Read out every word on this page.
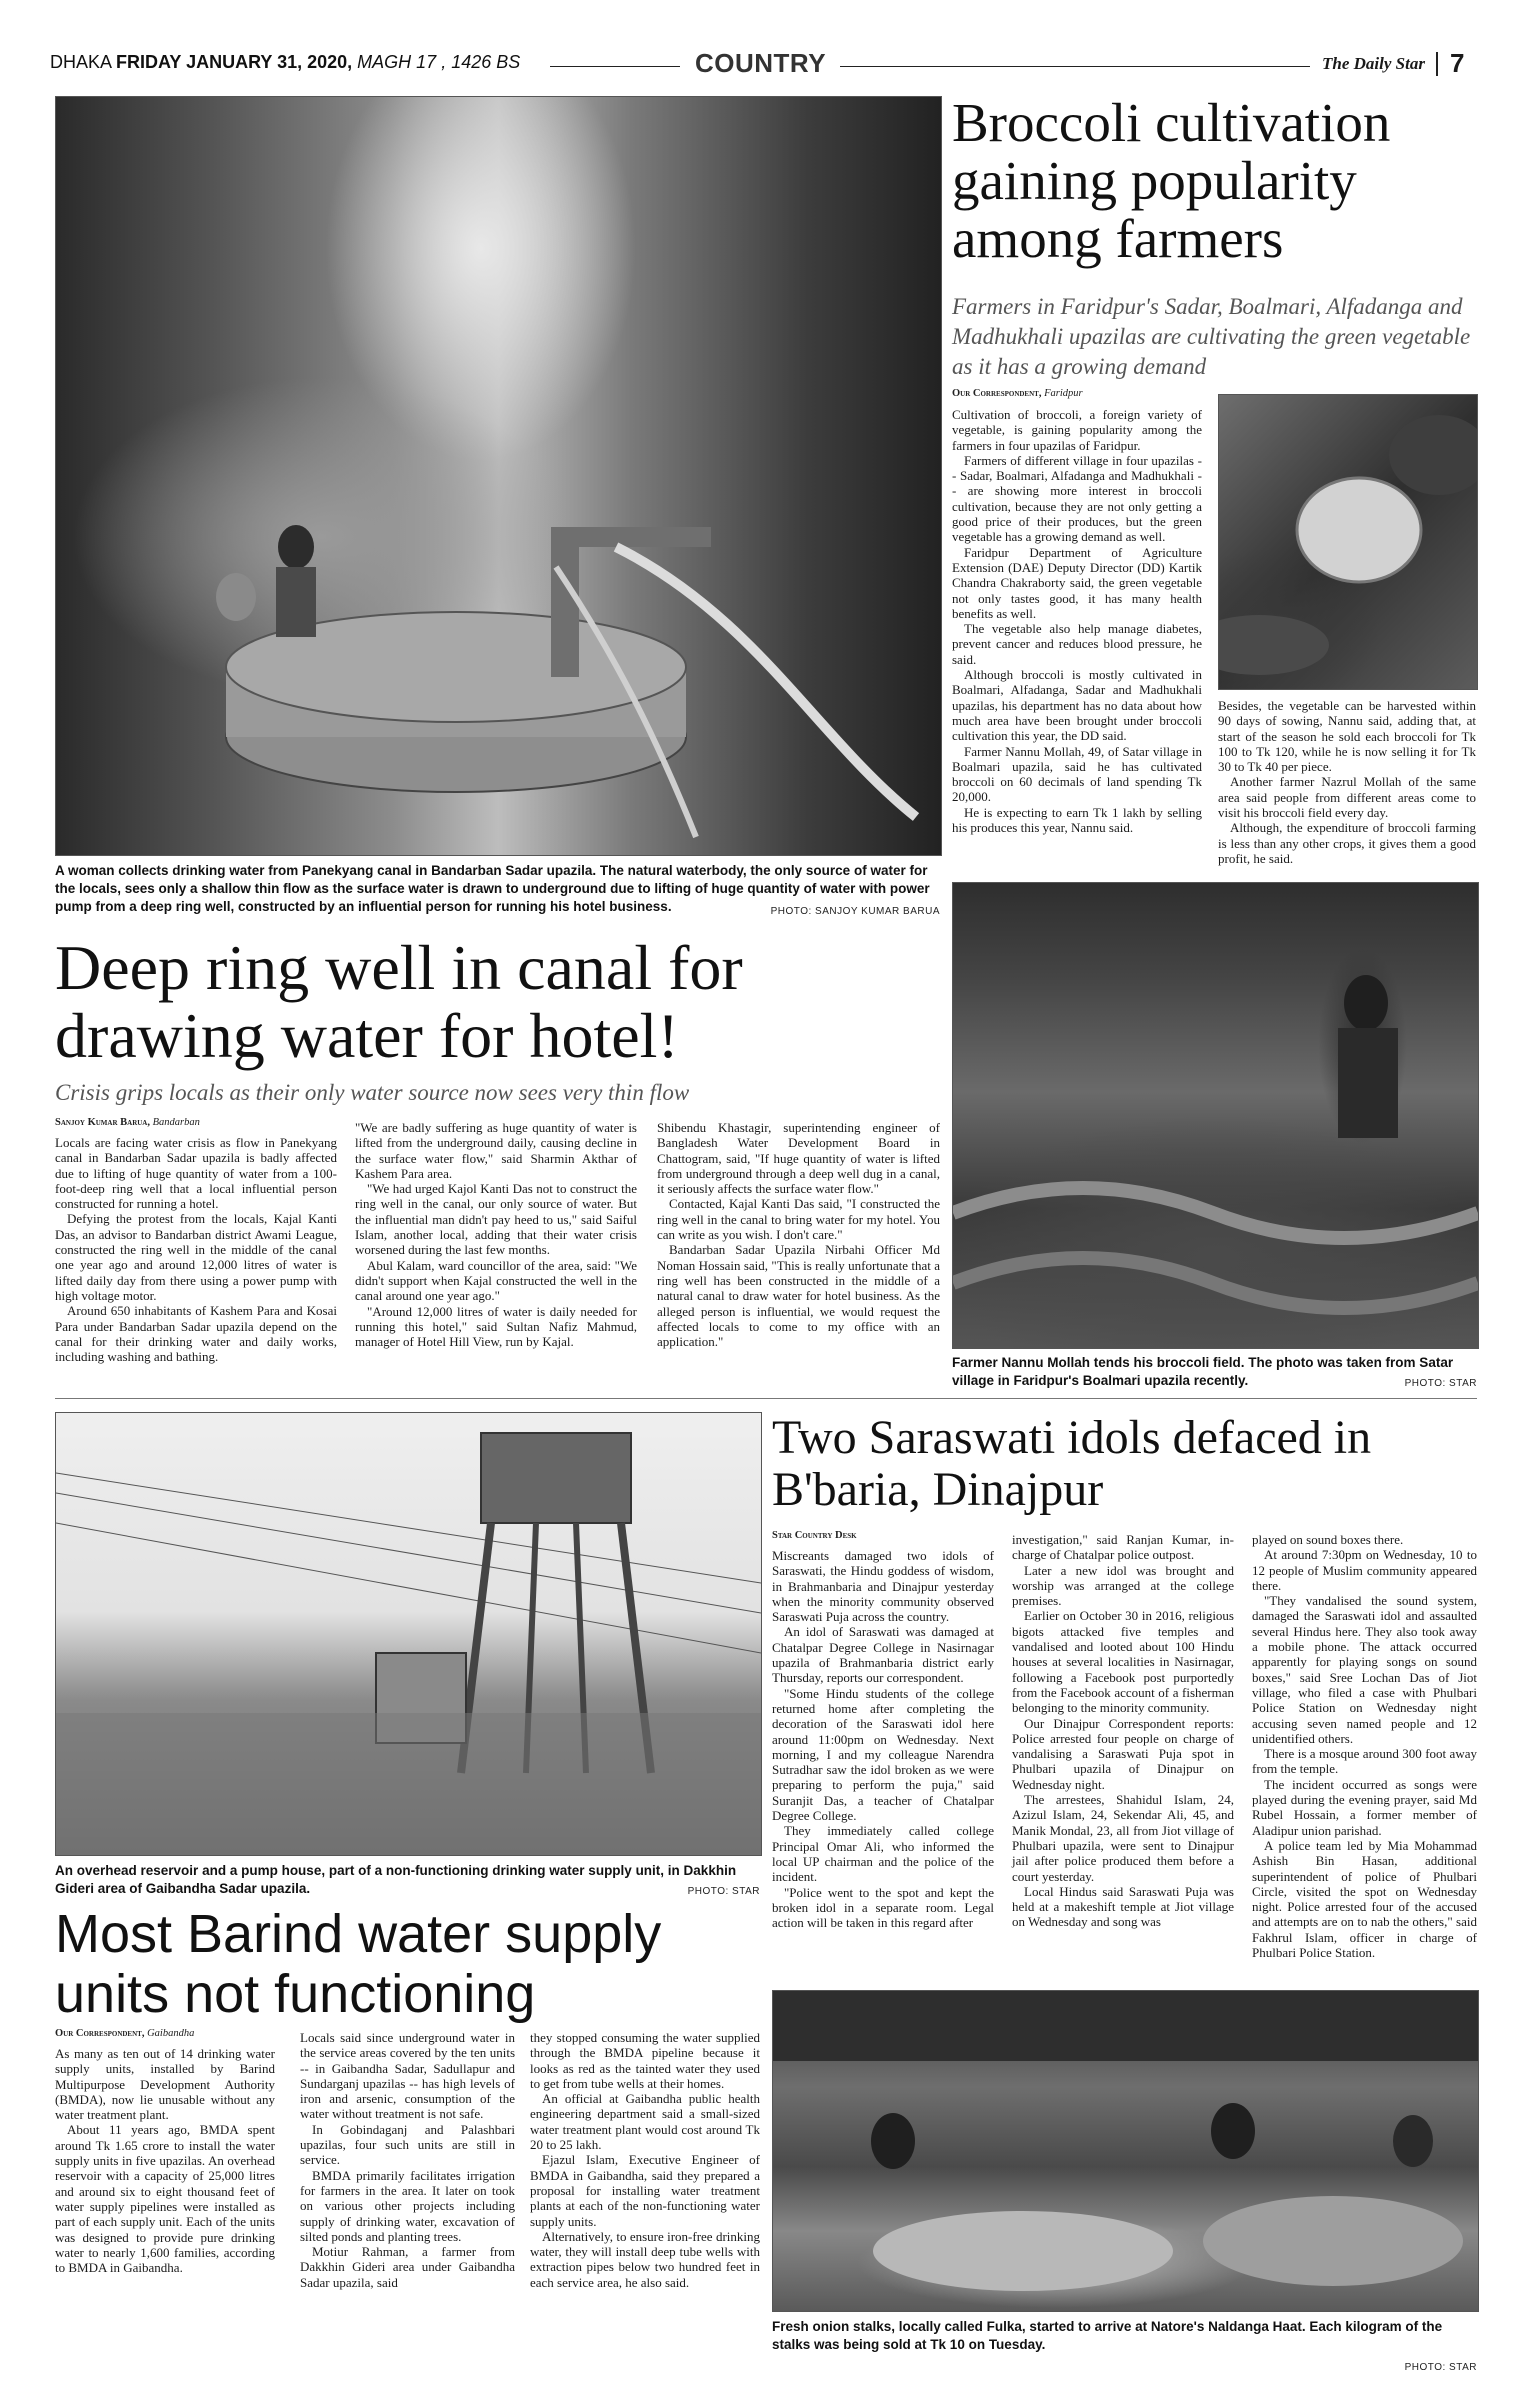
DHAKA FRIDAY JANUARY 31, 2020, MAGH 17 , 1426 BS	COUNTRY	The Daily Star 7
A woman collects drinking water from Panekyang canal in Bandarban Sadar upazila. The natural waterbody, the only source of water for the locals, sees only a shallow thin flow as the surface water is drawn to underground due to lifting of huge quantity of water with power pump from a deep ring well, constructed by an influential person for running his hotel business.	PHOTO: SANJOY KUMAR BARUA
Broccoli cultivation gaining popularity among farmers
Farmers in Faridpur's Sadar, Boalmari, Alfadanga and Madhukhali upazilas are cultivating the green vegetable as it has a growing demand
Our Correspondent, Faridpur

Cultivation of broccoli, a foreign variety of vegetable, is gaining popularity among the farmers in four upazilas of Faridpur.

Farmers of different village in four upazilas -- Sadar, Boalmari, Alfadanga and Madhukhali -- are showing more interest in broccoli cultivation, because they are not only getting a good price of their produces, but the green vegetable has a growing demand as well.

Faridpur Department of Agriculture Extension (DAE) Deputy Director (DD) Kartik Chandra Chakraborty said, the green vegetable not only tastes good, it has many health benefits as well.

The vegetable also help manage diabetes, prevent cancer and reduces blood pressure, he said.

Although broccoli is mostly cultivated in Boalmari, Alfadanga, Sadar and Madhukhali upazilas, his department has no data about how much area have been brought under broccoli cultivation this year, the DD said.

Farmer Nannu Mollah, 49, of Satar village in Boalmari upazila, said he has cultivated broccoli on 60 decimals of land spending Tk 20,000.

He is expecting to earn Tk 1 lakh by selling his produces this year, Nannu said.

Besides, the vegetable can be harvested within 90 days of sowing, Nannu said, adding that, at start of the season he sold each broccoli for Tk 100 to Tk 120, while he is now selling it for Tk 30 to Tk 40 per piece.

Another farmer Nazrul Mollah of the same area said people from different areas come to visit his broccoli field every day.

Although, the expenditure of broccoli farming is less than any other crops, it gives them a good profit, he said.

Farmer Nannu Mollah tends his broccoli field. The photo was taken from Satar village in Faridpur's Boalmari upazila recently.	PHOTO: STAR
Deep ring well in canal for drawing water for hotel!
Crisis grips locals as their only water source now sees very thin flow
Sanjoy Kumar Barua, Bandarban

Locals are facing water crisis as flow in Panekyang canal in Bandarban Sadar upazila is badly affected due to lifting of huge quantity of water from a 100-foot-deep ring well that a local influential person constructed for running a hotel.

Defying the protest from the locals, Kajal Kanti Das, an advisor to Bandarban district Awami League, constructed the ring well in the middle of the canal one year ago and around 12,000 litres of water is lifted daily day from there using a power pump with high voltage motor.

Around 650 inhabitants of Kashem Para and Kosai Para under Bandarban Sadar upazila depend on the canal for their drinking water and daily works, including washing and bathing.

"We are badly suffering as huge quantity of water is lifted from the underground daily, causing decline in the surface water flow," said Sharmin Akthar of Kashem Para area.

"We had urged Kajol Kanti Das not to construct the ring well in the canal, our only source of water. But the influential man didn't pay heed to us," said Saiful Islam, another local, adding that their water crisis worsened during the last few months.

Abul Kalam, ward councillor of the area, said: "We didn't support when Kajal constructed the well in the canal around one year ago."

"Around 12,000 litres of water is daily needed for running this hotel," said Sultan Nafiz Mahmud, manager of Hotel Hill View, run by Kajal.

Shibendu Khastagir, superintending engineer of Bangladesh Water Development Board in Chattogram, said, "If huge quantity of water is lifted from underground through a deep well dug in a canal, it seriously affects the surface water flow."

Contacted, Kajal Kanti Das said, "I constructed the ring well in the canal to bring water for my hotel. You can write as you wish. I don't care."

Bandarban Sadar Upazila Nirbahi Officer Md Noman Hossain said, "This is really unfortunate that a ring well has been constructed in the middle of a natural canal to draw water for hotel business. As the alleged person is influential, we would request the affected locals to come to my office with an application."

An overhead reservoir and a pump house, part of a non-functioning drinking water supply unit, in Dakkhin Gideri area of Gaibandha Sadar upazila.	PHOTO: STAR
Most Barind water supply units not functioning
Our Correspondent, Gaibandha

As many as ten out of 14 drinking water supply units, installed by Barind Multipurpose Development Authority (BMDA), now lie unusable without any water treatment plant.

About 11 years ago, BMDA spent around Tk 1.65 crore to install the water supply units in five upazilas. An overhead reservoir with a capacity of 25,000 litres and around six to eight thousand feet of water supply pipelines were installed as part of each supply unit. Each of the units was designed to provide pure drinking water to nearly 1,600 families, according to BMDA in Gaibandha.

Locals said since underground water in the service areas covered by the ten units -- in Gaibandha Sadar, Sadullapur and Sundarganj upazilas -- has high levels of iron and arsenic, consumption of the water without treatment is not safe.

In Gobindaganj and Palashbari upazilas, four such units are still in service.

BMDA primarily facilitates irrigation for farmers in the area. It later on took on various other projects including supply of drinking water, excavation of silted ponds and planting trees.

Motiur Rahman, a farmer from Dakkhin Gideri area under Gaibandha Sadar upazila, said

they stopped consuming the water supplied through the BMDA pipeline because it looks as red as the tainted water they used to get from tube wells at their homes.

An official at Gaibandha public health engineering department said a small-sized water treatment plant would cost around Tk 20 to 25 lakh.

Ejazul Islam, Executive Engineer of BMDA in Gaibandha, said they prepared a proposal for installing water treatment plants at each of the non-functioning water supply units.

Alternatively, to ensure iron-free drinking water, they will install deep tube wells with extraction pipes below two hundred feet in each service area, he also said.

Two Saraswati idols defaced in B'baria, Dinajpur
Star Country Desk

Miscreants damaged two idols of Saraswati, the Hindu goddess of wisdom, in Brahmanbaria and Dinajpur yesterday when the minority community observed Saraswati Puja across the country.

An idol of Saraswati was damaged at Chatalpar Degree College in Nasirnagar upazila of Brahmanbaria district early Thursday, reports our correspondent.

"Some Hindu students of the college returned home after completing the decoration of the Saraswati idol here around 11:00pm on Wednesday. Next morning, I and my colleague Narendra Sutradhar saw the idol broken as we were preparing to perform the puja," said Suranjit Das, a teacher of Chatalpar Degree College.

They immediately called college Principal Omar Ali, who informed the local UP chairman and the police of the incident.

"Police went to the spot and kept the broken idol in a separate room. Legal action will be taken in this regard after

investigation," said Ranjan Kumar, in-charge of Chatalpar police outpost.

Later a new idol was brought and worship was arranged at the college premises.

Earlier on October 30 in 2016, religious bigots attacked five temples and vandalised and looted about 100 Hindu houses at several localities in Nasirnagar, following a Facebook post purportedly from the Facebook account of a fisherman belonging to the minority community.

Our Dinajpur Correspondent reports: Police arrested four people on charge of vandalising a Saraswati Puja spot in Phulbari upazila of Dinajpur on Wednesday night.

The arrestees, Shahidul Islam, 24, Azizul Islam, 24, Sekendar Ali, 45, and Manik Mondal, 23, all from Jiot village of Phulbari upazila, were sent to Dinajpur jail after police produced them before a court yesterday.

Local Hindus said Saraswati Puja was held at a makeshift temple at Jiot village on Wednesday and song was

played on sound boxes there.

At around 7:30pm on Wednesday, 10 to 12 people of Muslim community appeared there.

"They vandalised the sound system, damaged the Saraswati idol and assaulted several Hindus here. They also took away a mobile phone. The attack occurred apparently for playing songs on sound boxes," said Sree Lochan Das of Jiot village, who filed a case with Phulbari Police Station on Wednesday night accusing seven named people and 12 unidentified others.

There is a mosque around 300 foot away from the temple.

The incident occurred as songs were played during the evening prayer, said Md Rubel Hossain, a former member of Aladipur union parishad.

A police team led by Mia Mohammad Ashish Bin Hasan, additional superintendent of police of Phulbari Circle, visited the spot on Wednesday night. Police arrested four of the accused and attempts are on to nab the others," said Fakhrul Islam, officer in charge of Phulbari Police Station.

Fresh onion stalks, locally called Fulka, started to arrive at Natore's Naldanga Haat. Each kilogram of the stalks was being sold at Tk 10 on Tuesday.
PHOTO: STAR
